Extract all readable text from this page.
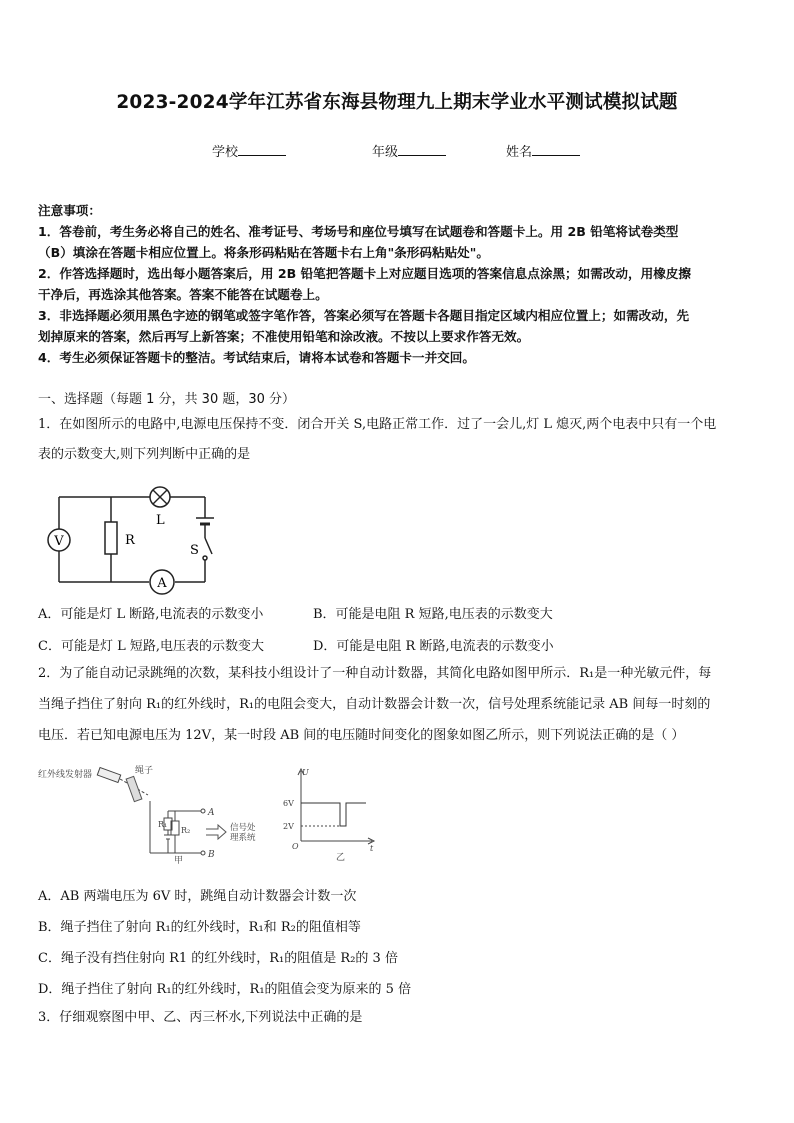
2023-2024学年江苏省东海县物理九上期末学业水平测试模拟试题
学校	年级	姓名
注意事项：
1．答卷前，考生务必将自己的姓名、准考证号、考场号和座位号填写在试题卷和答题卡上。用 2B 铅笔将试卷类型
（B）填涂在答题卡相应位置上。将条形码粘贴在答题卡右上角"条形码粘贴处"。
2．作答选择题时，选出每小题答案后，用 2B 铅笔把答题卡上对应题目选项的答案信息点涂黑；如需改动，用橡皮擦
干净后，再选涂其他答案。答案不能答在试题卷上。
3．非选择题必须用黑色字迹的钢笔或签字笔作答，答案必须写在答题卡各题目指定区域内相应位置上；如需改动，先
划掉原来的答案，然后再写上新答案；不准使用铅笔和涂改液。不按以上要求作答无效。
4．考生必须保证答题卡的整洁。考试结束后，请将本试卷和答题卡一并交回。
一、选择题（每题 1 分，共 30 题，30 分）
1．在如图所示的电路中,电源电压保持不变．闭合开关 S,电路正常工作．过了一会儿,灯 L 熄灭,两个电表中只有一个电
表的示数变大,则下列判断中正确的是
V
A
R
L
S
A．可能是灯 L 断路,电流表的示数变小	B．可能是电阻 R 短路,电压表的示数变大
C．可能是灯 L 短路,电压表的示数变大	D．可能是电阻 R 断路,电流表的示数变小
2．为了能自动记录跳绳的次数，某科技小组设计了一种自动计数器，其简化电路如图甲所示．R₁是一种光敏元件，每
当绳子挡住了射向 R₁的红外线时，R₁的电阻会变大，自动计数器会计数一次，信号处理系统能记录 AB 间每一时刻的
电压．若已知电源电压为 12V，某一时段 AB 间的电压随时间变化的图象如图乙所示，则下列说法正确的是（ ）
红外线发射器	绳子
R₁
R₂
A
B
信号处
理系统
甲
U
t
O
6V
2V
乙
A．AB 两端电压为 6V 时，跳绳自动计数器会计数一次
B．绳子挡住了射向 R₁的红外线时，R₁和 R₂的阻值相等
C．绳子没有挡住射向 R1 的红外线时，R₁的阻值是 R₂的 3 倍
D．绳子挡住了射向 R₁的红外线时，R₁的阻值会变为原来的 5 倍
3．仔细观察图中甲、乙、丙三杯水,下列说法中正确的是
